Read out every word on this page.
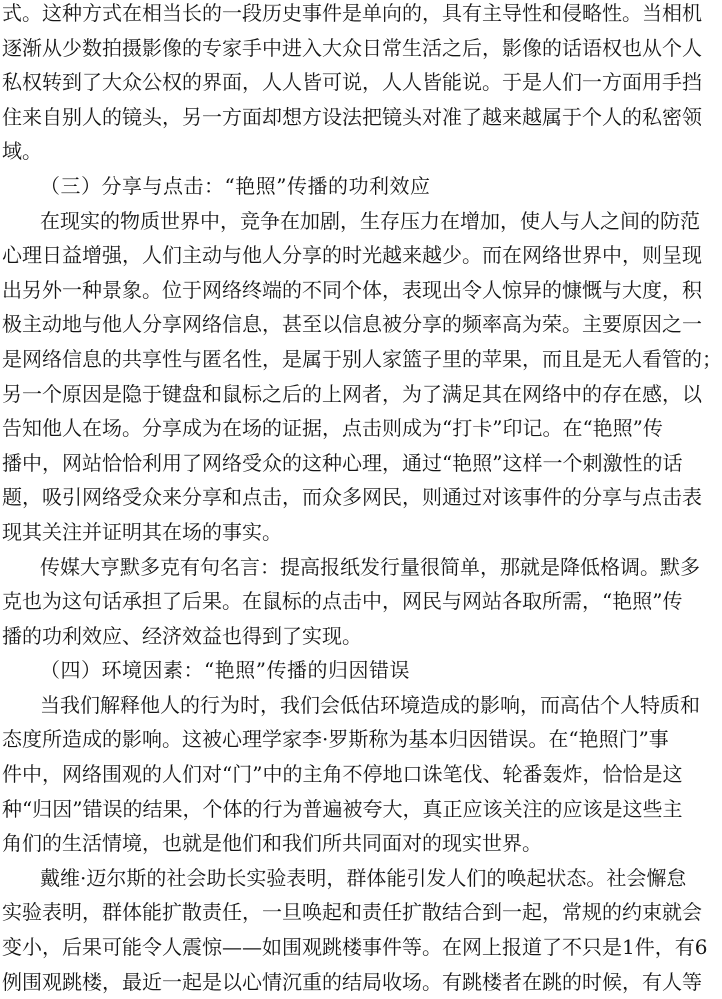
式。这种方式在相当长的一段历史事件是单向的，具有主导性和侵略性。当相机
逐渐从少数拍摄影像的专家手中进入大众日常生活之后，影像的话语权也从个人
私权转到了大众公权的界面，人人皆可说，人人皆能说。于是人们一方面用手挡
住来自别人的镜头，另一方面却想方设法把镜头对准了越来越属于个人的私密领
域。
（三）分享与点击：“艳照”传播的功利效应
在现实的物质世界中，竞争在加剧，生存压力在增加，使人与人之间的防范
心理日益增强，人们主动与他人分享的时光越来越少。而在网络世界中，则呈现
出另外一种景象。位于网络终端的不同个体，表现出令人惊异的慷慨与大度，积
极主动地与他人分享网络信息，甚至以信息被分享的频率高为荣。主要原因之一
是网络信息的共享性与匿名性，是属于别人家篮子里的苹果，而且是无人看管的；
另一个原因是隐于键盘和鼠标之后的上网者，为了满足其在网络中的存在感，以
告知他人在场。分享成为在场的证据，点击则成为“打卡”印记。在“艳照”传
播中，网站恰恰利用了网络受众的这种心理，通过“艳照”这样一个刺激性的话
题，吸引网络受众来分享和点击，而众多网民，则通过对该事件的分享与点击表
现其关注并证明其在场的事实。
传媒大亨默多克有句名言：提高报纸发行量很简单，那就是降低格调。默多
克也为这句话承担了后果。在鼠标的点击中，网民与网站各取所需，“艳照”传
播的功利效应、经济效益也得到了实现。
（四）环境因素：“艳照”传播的归因错误
当我们解释他人的行为时，我们会低估环境造成的影响，而高估个人特质和
态度所造成的影响。这被心理学家李·罗斯称为基本归因错误。在“艳照门”事
件中，网络围观的人们对“门”中的主角不停地口诛笔伐、轮番轰炸，恰恰是这
种“归因”错误的结果，个体的行为普遍被夸大，真正应该关注的应该是这些主
角们的生活情境，也就是他们和我们所共同面对的现实世界。
戴维·迈尔斯的社会助长实验表明，群体能引发人们的唤起状态。社会懈怠
实验表明，群体能扩散责任，一旦唤起和责任扩散结合到一起，常规的约束就会
变小，后果可能令人震惊——如围观跳楼事件等。在网上报道了不只是1件，有6
例围观跳楼，最近一起是以心情沉重的结局收场。有跳楼者在跳的时候，有人等
